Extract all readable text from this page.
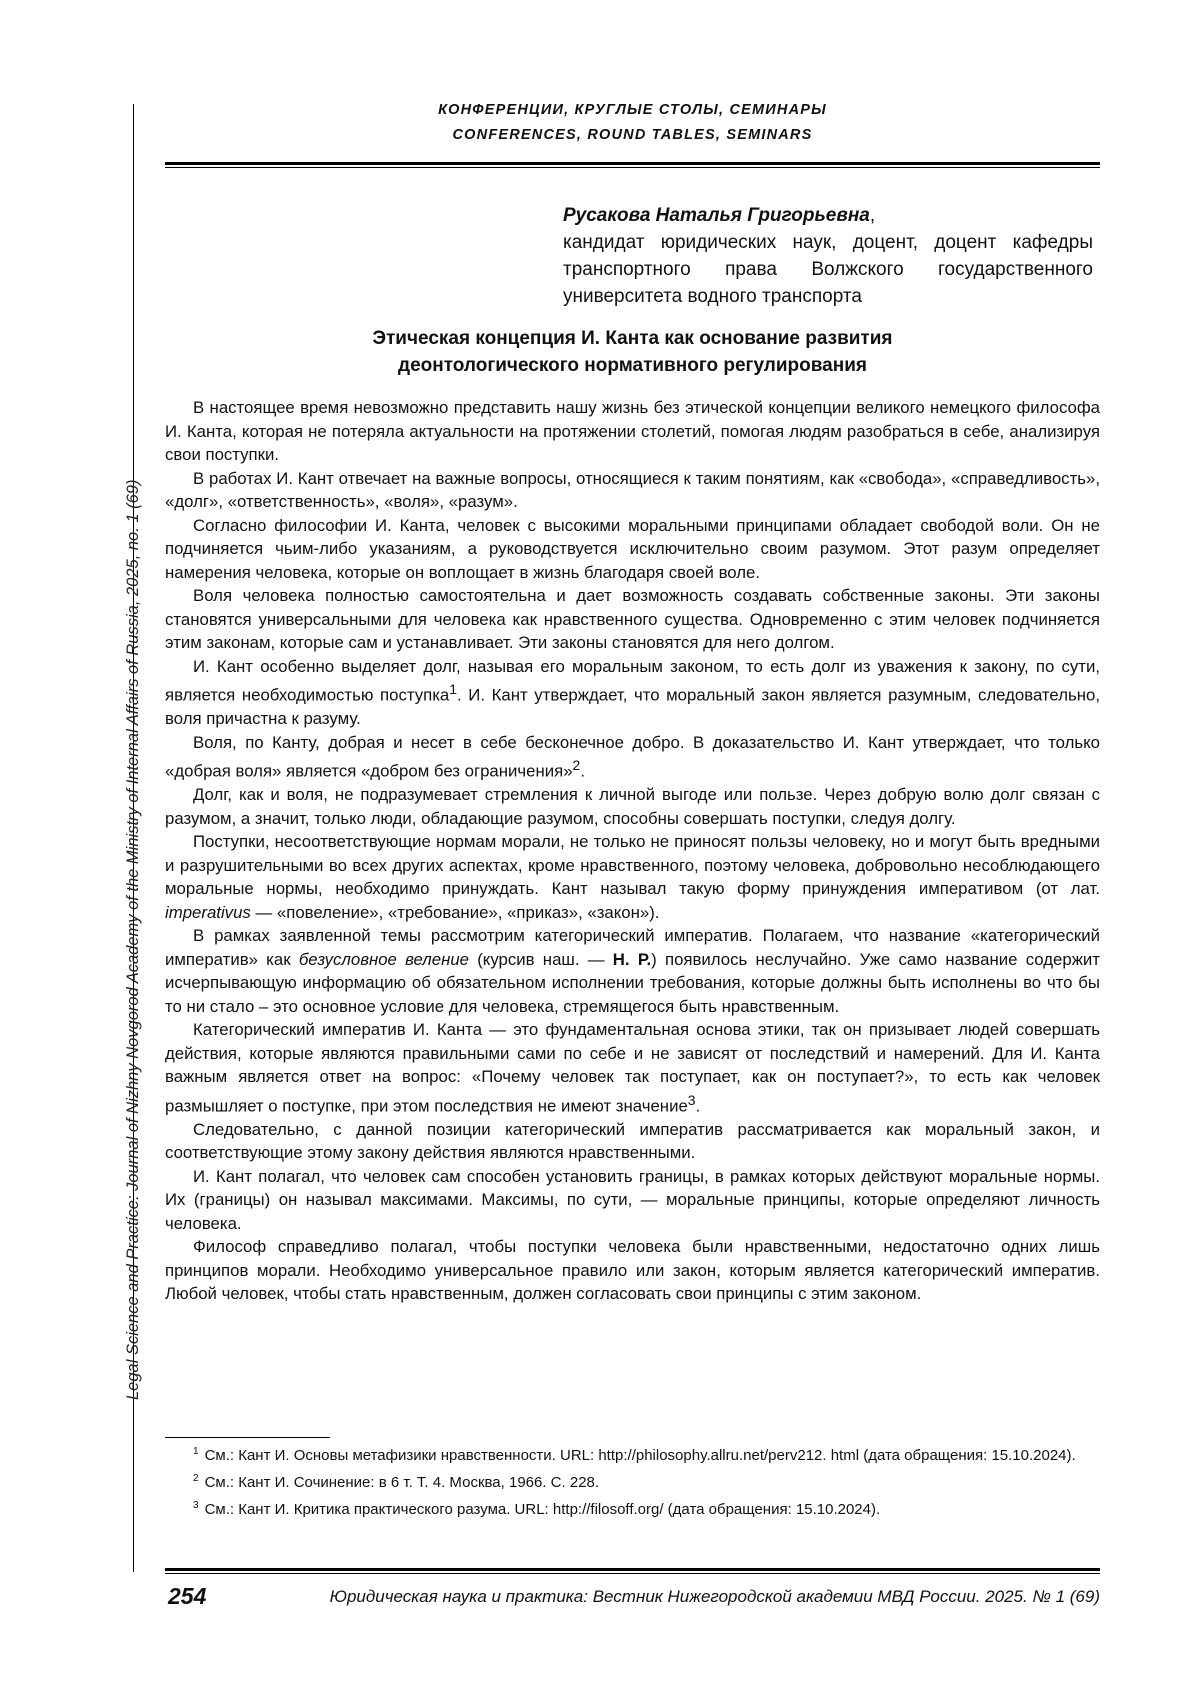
Legal Science and Practice: Journal of Nizhny Novgorod Academy of the Ministry of Internal Affairs of Russia, 2025, no. 1 (69)
КОНФЕРЕНЦИИ, КРУГЛЫЕ СТОЛЫ, СЕМИНАРЫ
CONFERENCES, ROUND TABLES, SEMINARS
Русакова Наталья Григорьевна,
кандидат юридических наук, доцент, доцент кафедры транспортного права Волжского государственного университета водного транспорта
Этическая концепция И. Канта как основание развития
деонтологического нормативного регулирования

В настоящее время невозможно представить нашу жизнь без этической концепции великого немецкого философа И. Канта, которая не потеряла актуальности на протяжении столетий, помогая людям разобраться в себе, анализируя свои поступки.

В работах И. Кант отвечает на важные вопросы, относящиеся к таким понятиям, как «свобода», «справедливость», «долг», «ответственность», «воля», «разум».

Согласно философии И. Канта, человек с высокими моральными принципами обладает свободой воли. Он не подчиняется чьим-либо указаниям, а руководствуется исключительно своим разумом. Этот разум определяет намерения человека, которые он воплощает в жизнь благодаря своей воле.

Воля человека полностью самостоятельна и дает возможность создавать собственные законы. Эти законы становятся универсальными для человека как нравственного существа. Одновременно с этим человек подчиняется этим законам, которые сам и устанавливает. Эти законы становятся для него долгом.

И. Кант особенно выделяет долг, называя его моральным законом, то есть долг из уважения к закону, по сути, является необходимостью поступка$^1$. И. Кант утверждает, что моральный закон является разумным, следовательно, воля причастна к разуму.

Воля, по Канту, добрая и несет в себе бесконечное добро. В доказательство И. Кант утверждает, что только «добрая воля» является «добром без ограничения»$^2$.

Долг, как и воля, не подразумевает стремления к личной выгоде или пользе. Через добрую волю долг связан с разумом, а значит, только люди, обладающие разумом, способны совершать поступки, следуя долгу.

Поступки, несоответствующие нормам морали, не только не приносят пользы человеку, но и могут быть вредными и разрушительными во всех других аспектах, кроме нравственного, поэтому человека, добровольно несоблюдающего моральные нормы, необходимо принуждать. Кант называл такую форму принуждения императивом (от лат. imperativus — «повеление», «требование», «приказ», «закон»).

В рамках заявленной темы рассмотрим категорический императив. Полагаем, что название «категорический императив» как безусловное веление (курсив наш. — Н. Р.) появилось неслучайно. Уже само название содержит исчерпывающую информацию об обязательном исполнении требования, которые должны быть исполнены во что бы то ни стало – это основное условие для человека, стремящегося быть нравственным.

Категорический императив И. Канта — это фундаментальная основа этики, так он призывает людей совершать действия, которые являются правильными сами по себе и не зависят от последствий и намерений. Для И. Канта важным является ответ на вопрос: «Почему человек так поступает, как он поступает?», то есть как человек размышляет о поступке, при этом последствия не имеют значение$^3$.

Следовательно, с данной позиции категорический императив рассматривается как моральный закон, и соответствующие этому закону действия являются нравственными.

И. Кант полагал, что человек сам способен установить границы, в рамках которых действуют моральные нормы. Их (границы) он называл максимами. Максимы, по сути, — моральные принципы, которые определяют личность человека.

Философ справедливо полагал, чтобы поступки человека были нравственными, недостаточно одних лишь принципов морали. Необходимо универсальное правило или закон, которым является категорический императив. Любой человек, чтобы стать нравственным, должен согласовать свои принципы с этим законом.

$^1$ См.: Кант И. Основы метафизики нравственности. URL: http://philosophy.allru.net/perv212. html (дата обращения: 15.10.2024).

$^2$ См.: Кант И. Сочинение: в 6 т. Т. 4. Москва, 1966. С. 228.

$^3$ См.: Кант И. Критика практического разума. URL: http://filosoff.org/ (дата обращения: 15.10.2024).

254	Юридическая наука и практика: Вестник Нижегородской академии МВД России. 2025. № 1 (69)
